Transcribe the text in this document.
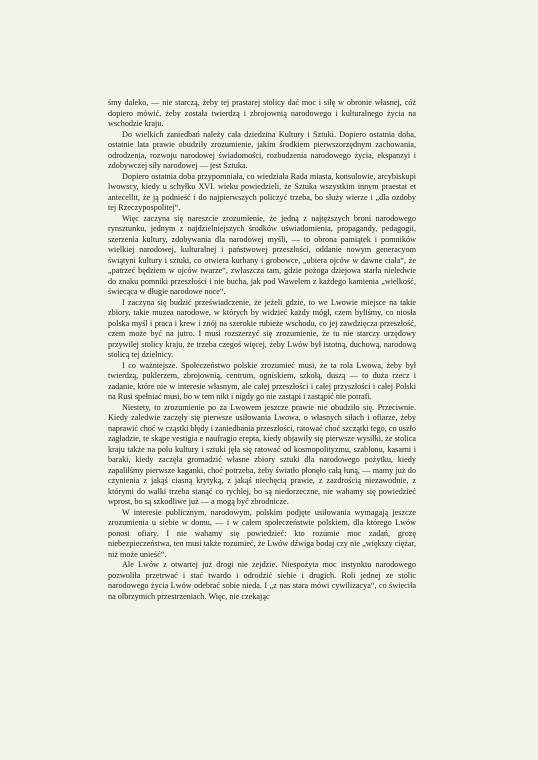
śmy daleko, — nie starczą, żeby tej prastarej stolicy dać moc i siłę w obronie własnej, cóż dopiero mówić, żeby została twierdzą i zbrojownią narodowego i kulturalnego życia na wschodzie kraju.

Do wielkich zaniedbań należy cała dziedzina Kultury i Sztuki. Dopiero ostatnia doba, ostatnie lata prawie obudziły zrozumienie, jakim środkiem pierwszorzędnym zachowania, odrodzenia, rozwoju narodowej świadomości, rozbudzenia narodowego życia, ekspanzyi i zdobywczej siły narodowej — jest Sztuka.

Dopiero ostatnia doba przypomniała, co wiedziała Rada miasta, konsulowie, arcybiskupi lwowscy, kiedy u schyłku XVI. wieku powiedzieli, że Sztuka wszystkim innym praestat et antecellit, że ją podnieść i do najpierwszych policzyć trzeba, bo służy wierze i „dla ozdoby tej Rzeczypospolitej“.

Więc zaczyna się nareszcie zrozumienie, że jedną z najtęższych broni narodowego rynsztunku, jednym z najdzielniejszych środków uświadomienia, propagandy, pedagogii, szerzenia kultury, zdobywania dla narodowej myśli, — to obrona pamiątek i pomników wielkiej narodowej, kulturalnej i państwowej przeszłości, oddanie nowym generacyom świątyni kultury i sztuki, co otwiera kurhany i grobowce, „ubiera ojców w dawne ciała“, że „patrzeć będziem w ojców twarze“, zwłaszcza tam, gdzie pożoga dziejowa starła nieledwie do znaku pomniki przeszłości i nie bucha, jak pod Wawelem z każdego kamienia „wielkość, świecąca w długie narodowe noce“.

I zaczyna się budzić przeświadczenie, że jeżeli gdzie, to we Lwowie miejsce na takie zbiory, takie muzea narodowe, w których by widzieć każdy mógł, czem byliśmy, co niosła polska myśl i praca i krew i znój na szerokie rubieże wschodu, co jej zawdzięcza przeszłość, czem może być na jutro. I musi rozszerzyć się zrozumienie, że tu nie starczy urzędowy przywilej stolicy kraju, że trzeba czegoś więcej, żeby Lwów był istotną, duchową, narodową stolicą tej dzielnicy.

I co ważniejsze. Społeczeństwo polskie zrozumieć musi, że ta rola Lwowa, żeby był twierdzą, puklerzem, zbrojownią, centrum, ogniskiem, szkołą, duszą — to duża rzecz i zadanie, które nie w interesie własnym, ale całej przeszłości i całej przyszłości i całej Polski na Rusi spełniać musi, bo w tem nikt i nigdy go nie zastąpi i zastąpić nie potrafi.

Niestety, to zrozumienie po za Lwowem jeszcze prawie nie obudziło się. Przeciwnie. Kiedy zaledwie zaczęły się pierwsze usiłowania Lwowa, o własnych siłach i ofiarze, żeby naprawić choć w cząstki błędy i zaniedbania przeszłości, ratować choć szczątki tego, co uszło zagładzie, te skąpe vestigia e naufragio erepta, kiedy objawiły się pierwsze wysiłki, że stolica kraju także na polu kultury i sztuki jęła się ratować od kosmopolityzmu, szablonu, kasarni i baraki, kiedy zaczęła gromadzić własne zbiory sztuki dla narodowego pożytku, kiedy zapaliłśmy pierwsze kaganki, choć potrzeba, żeby światło płonęło całą łuną, — mamy już do czynienia z jakąś ciasną krytyką, z jakąś niechęcią prawie, z zazdrością niezawodnie, z którymi do walki trzeba stanąć co rychlej, bo są niedorzeczne, nie wahamy się powiedzieć wprost, bo są szkodliwe już — a mogą być zbrodnicze.

W interesie publicznym, narodowym, polskim podjęte usiłowania wymagają jeszcze zrozumienia u siebie w domu, — i w całem społeczeństwie polskiem, dla którego Lwów ponosi ofiary. I nie wahamy się powiedzieć: kto rozumie moc zadań, grozę niebezpieczeństwa, ten musi także rozumieć, że Lwów dźwiga bodaj czy nie „większy ciężar, niż może unieść“.

Ale Lwów z otwartej już drogi nie zejdzie. Niespożyta moc instynktu narodowego pozwoliła przetrwać i stać twardo i odrodzić siebie i drugich. Roli jednej ze stolic narodowego życia Lwów odebrać sobie nieda. I „z nas stara mówi cywilizacya“, co świeciła na olbrzymich przestrzeniach. Więc, nie czekając
